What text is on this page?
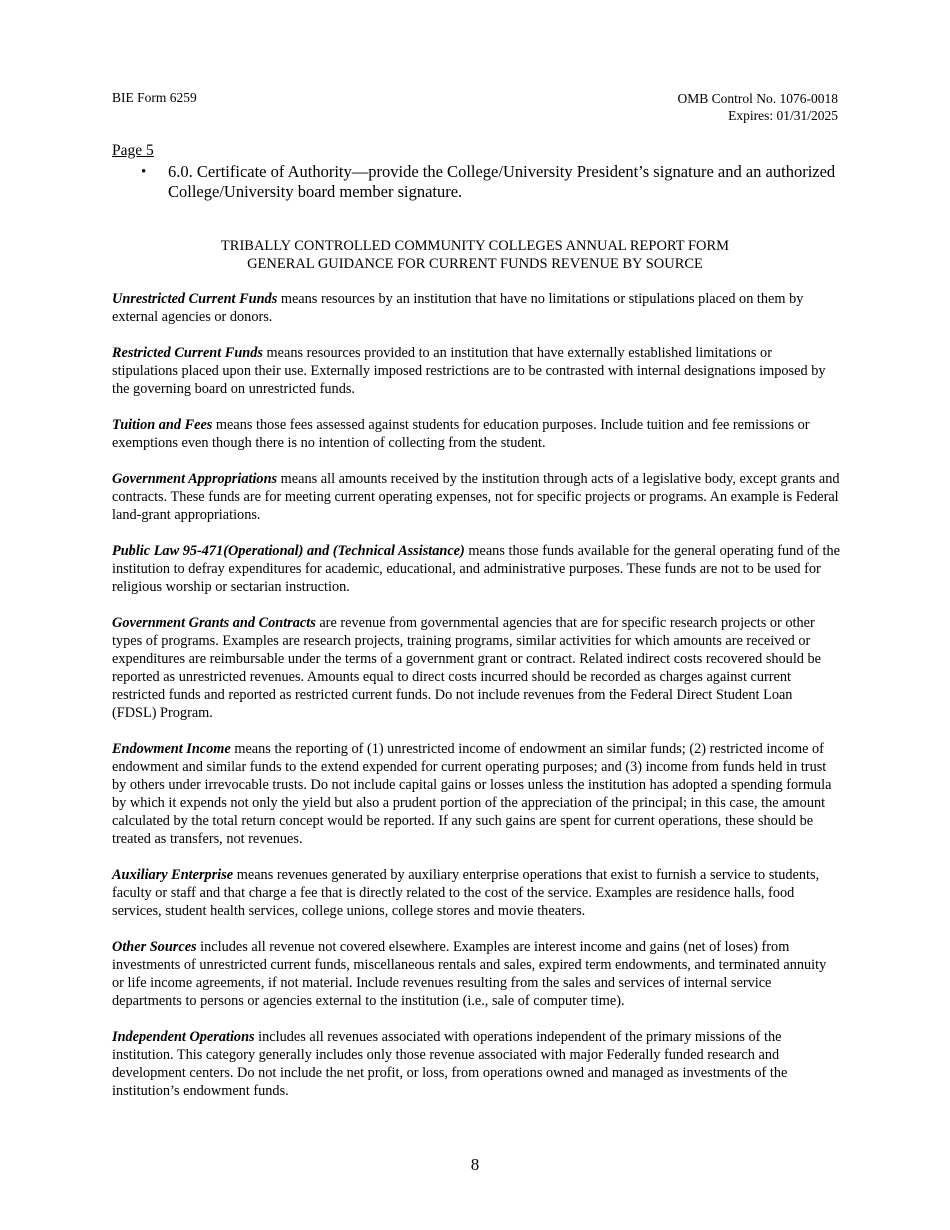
BIE Form 6259	OMB Control No. 1076-0018
Expires: 01/31/2025
Page 5
• 6.0. Certificate of Authority—provide the College/University President’s signature and an authorized College/University board member signature.
TRIBALLY CONTROLLED COMMUNITY COLLEGES ANNUAL REPORT FORM
GENERAL GUIDANCE FOR CURRENT FUNDS REVENUE BY SOURCE

Unrestricted Current Funds means resources by an institution that have no limitations or stipulations placed on them by external agencies or donors.

Restricted Current Funds means resources provided to an institution that have externally established limitations or stipulations placed upon their use. Externally imposed restrictions are to be contrasted with internal designations imposed by the governing board on unrestricted funds.

Tuition and Fees means those fees assessed against students for education purposes. Include tuition and fee remissions or exemptions even though there is no intention of collecting from the student.

Government Appropriations means all amounts received by the institution through acts of a legislative body, except grants and contracts. These funds are for meeting current operating expenses, not for specific projects or programs. An example is Federal land-grant appropriations.

Public Law 95-471(Operational) and (Technical Assistance) means those funds available for the general operating fund of the institution to defray expenditures for academic, educational, and administrative purposes. These funds are not to be used for religious worship or sectarian instruction.

Government Grants and Contracts are revenue from governmental agencies that are for specific research projects or other types of programs. Examples are research projects, training programs, similar activities for which amounts are received or expenditures are reimbursable under the terms of a government grant or contract. Related indirect costs recovered should be reported as unrestricted revenues. Amounts equal to direct costs incurred should be recorded as charges against current restricted funds and reported as restricted current funds. Do not include revenues from the Federal Direct Student Loan (FDSL) Program.

Endowment Income means the reporting of (1) unrestricted income of endowment an similar funds; (2) restricted income of endowment and similar funds to the extend expended for current operating purposes; and (3) income from funds held in trust by others under irrevocable trusts. Do not include capital gains or losses unless the institution has adopted a spending formula by which it expends not only the yield but also a prudent portion of the appreciation of the principal; in this case, the amount calculated by the total return concept would be reported. If any such gains are spent for current operations, these should be treated as transfers, not revenues.

Auxiliary Enterprise means revenues generated by auxiliary enterprise operations that exist to furnish a service to students, faculty or staff and that charge a fee that is directly related to the cost of the service. Examples are residence halls, food services, student health services, college unions, college stores and movie theaters.

Other Sources includes all revenue not covered elsewhere. Examples are interest income and gains (net of loses) from investments of unrestricted current funds, miscellaneous rentals and sales, expired term endowments, and terminated annuity or life income agreements, if not material. Include revenues resulting from the sales and services of internal service departments to persons or agencies external to the institution (i.e., sale of computer time).

Independent Operations includes all revenues associated with operations independent of the primary missions of the institution. This category generally includes only those revenue associated with major Federally funded research and development centers. Do not include the net profit, or loss, from operations owned and managed as investments of the institution’s endowment funds.

8
